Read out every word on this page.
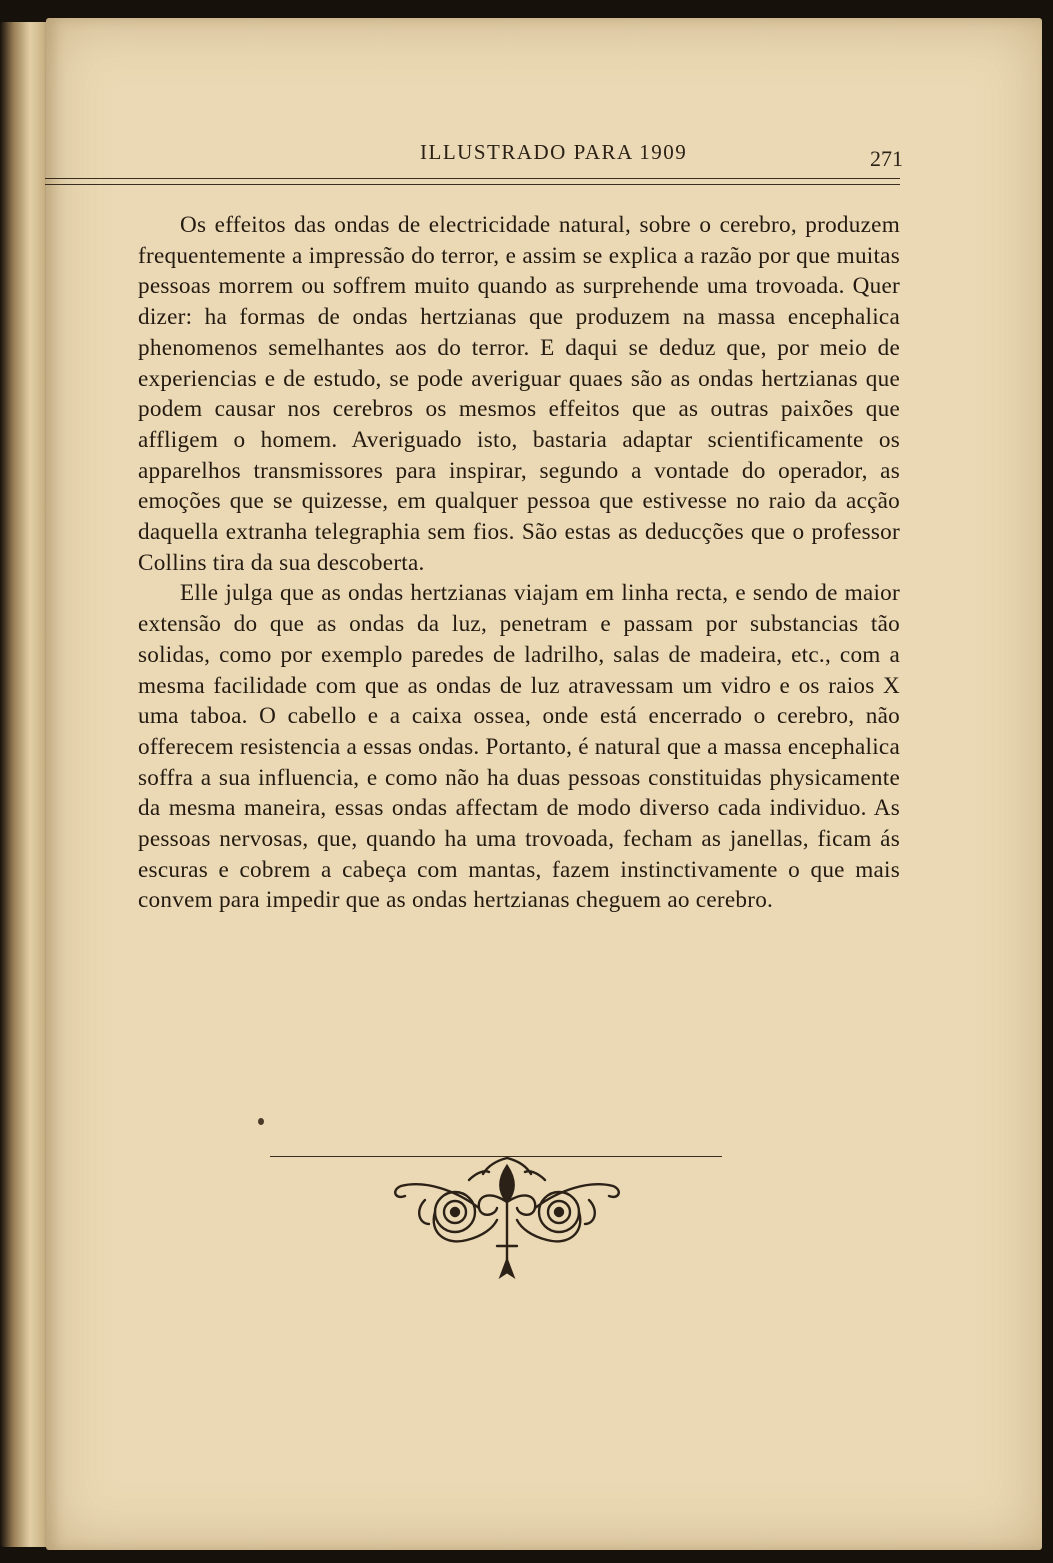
ILLUSTRADO PARA 1909	271

Os effeitos das ondas de electricidade natural, sobre o cerebro, produzem frequentemente a impressão do terror, e assim se explica a razão por que muitas pessoas morrem ou soffrem muito quando as surprehende uma trovoada. Quer dizer: ha formas de ondas hertzianas que produzem na massa encephalica phenomenos semelhantes aos do terror. E daqui se deduz que, por meio de experiencias e de estudo, se pode averiguar quaes são as ondas hertzianas que podem causar nos cerebros os mesmos effeitos que as outras paixões que affligem o homem. Averiguado isto, bastaria adaptar scientificamente os apparelhos transmissores para inspirar, segundo a vontade do operador, as emoções que se quizesse, em qualquer pessoa que estivesse no raio da acção daquella extranha telegraphia sem fios. São estas as deducções que o professor Collins tira da sua descoberta.

Elle julga que as ondas hertzianas viajam em linha recta, e sendo de maior extensão do que as ondas da luz, penetram e passam por substancias tão solidas, como por exemplo paredes de ladrilho, salas de madeira, etc., com a mesma facilidade com que as ondas de luz atravessam um vidro e os raios X uma taboa. O cabello e a caixa ossea, onde está encerrado o cerebro, não offerecem resistencia a essas ondas. Portanto, é natural que a massa encephalica soffra a sua influencia, e como não ha duas pessoas constituidas physicamente da mesma maneira, essas ondas affectam de modo diverso cada individuo. As pessoas nervosas, que, quando ha uma trovoada, fecham as janellas, ficam ás escuras e cobrem a cabeça com mantas, fazem instinctivamente o que mais convem para impedir que as ondas hertzianas cheguem ao cerebro.
